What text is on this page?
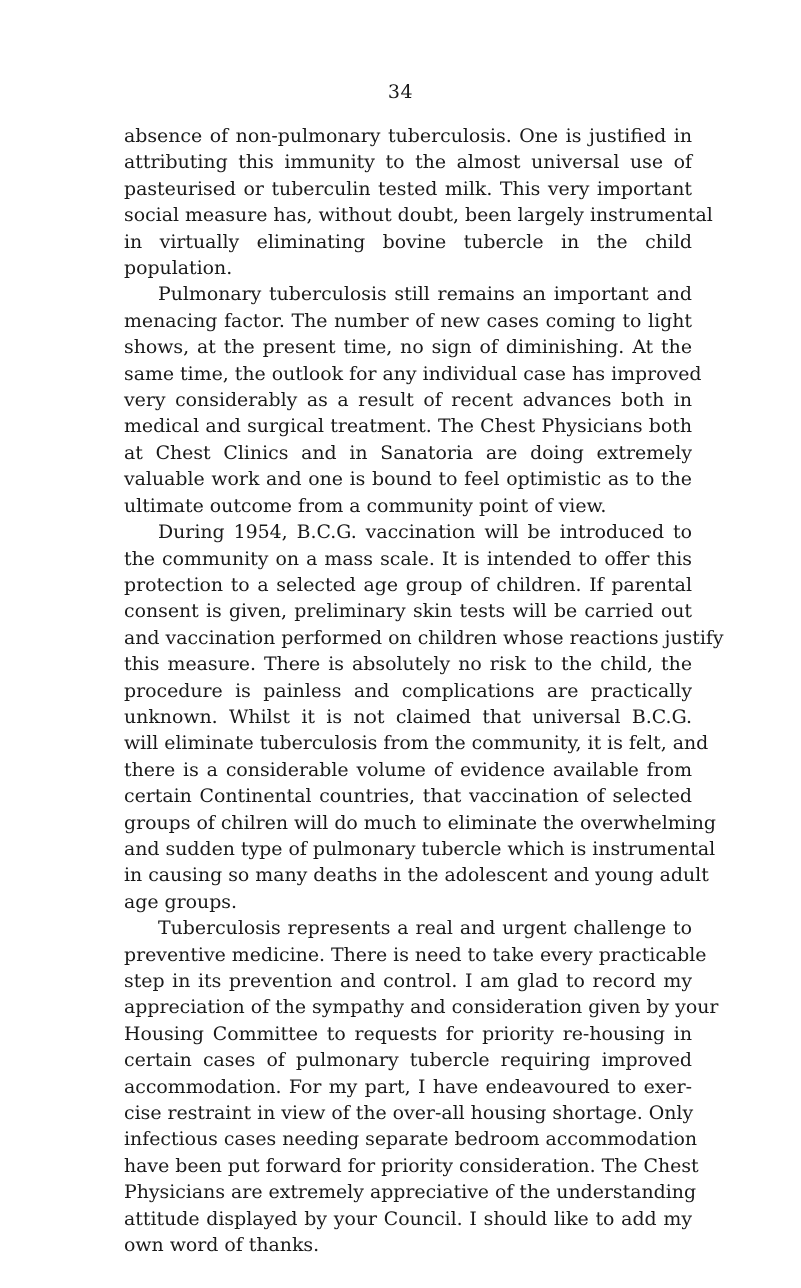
34
absence of non-pulmonary tuberculosis. One is justified in
attributing this immunity to the almost universal use of
pasteurised or tuberculin tested milk. This very important
social measure has, without doubt, been largely instrumental
in virtually eliminating bovine tubercle in the child
population.
Pulmonary tuberculosis still remains an important and
menacing factor. The number of new cases coming to light
shows, at the present time, no sign of diminishing. At the
same time, the outlook for any individual case has improved
very considerably as a result of recent advances both in
medical and surgical treatment. The Chest Physicians both
at Chest Clinics and in Sanatoria are doing extremely
valuable work and one is bound to feel optimistic as to the
ultimate outcome from a community point of view.
During 1954, B.C.G. vaccination will be introduced to
the community on a mass scale. It is intended to offer this
protection to a selected age group of children. If parental
consent is given, preliminary skin tests will be carried out
and vaccination performed on children whose reactions justify
this measure. There is absolutely no risk to the child, the
procedure is painless and complications are practically
unknown. Whilst it is not claimed that universal B.C.G.
will eliminate tuberculosis from the community, it is felt, and
there is a considerable volume of evidence available from
certain Continental countries, that vaccination of selected
groups of chilren will do much to eliminate the overwhelming
and sudden type of pulmonary tubercle which is instrumental
in causing so many deaths in the adolescent and young adult
age groups.
Tuberculosis represents a real and urgent challenge to
preventive medicine. There is need to take every practicable
step in its prevention and control. I am glad to record my
appreciation of the sympathy and consideration given by your
Housing Committee to requests for priority re-housing in
certain cases of pulmonary tubercle requiring improved
accommodation. For my part, I have endeavoured to exer-
cise restraint in view of the over-all housing shortage. Only
infectious cases needing separate bedroom accommodation
have been put forward for priority consideration. The Chest
Physicians are extremely appreciative of the understanding
attitude displayed by your Council. I should like to add my
own word of thanks.
